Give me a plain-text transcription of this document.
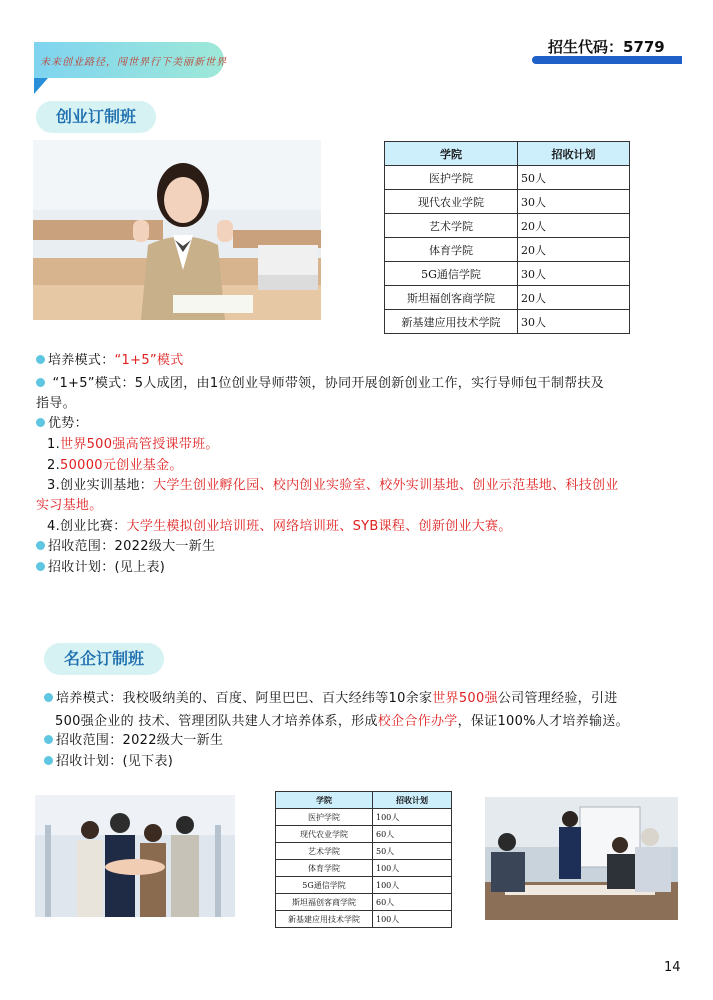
未来创业路径，闯世界行下美丽新世界
招生代码：5779
创业订制班
学院	招收计划
医护学院	50人
现代农业学院	30人
艺术学院	20人
体育学院	20人
5G通信学院	30人
斯坦福创客商学院	20人
新基建应用技术学院	30人
培养模式：“1+5”模式
“1+5”模式：5人成团，由1位创业导师带领，协同开展创新创业工作，实行导师包干制帮扶及
指导。
优势：
1.世界500强高管授课带班。
2.50000元创业基金。
3.创业实训基地：大学生创业孵化园、校内创业实验室、校外实训基地、创业示范基地、科技创业
实习基地。
4.创业比赛：大学生模拟创业培训班、网络培训班、SYB课程、创新创业大赛。
招收范围：2022级大一新生
招收计划：(见上表)
名企订制班
培养模式：我校吸纳美的、百度、阿里巴巴、百大经纬等10余家世界500强公司管理经验，引进
500强企业的 技术、管理团队共建人才培养体系，形成校企合作办学，保证100%人才培养输送。
招收范围：2022级大一新生
招收计划：(见下表)
学院	招收计划
医护学院	100人
现代农业学院	60人
艺术学院	50人
体育学院	100人
5G通信学院	100人
斯坦福创客商学院	60人
新基建应用技术学院	100人
14
